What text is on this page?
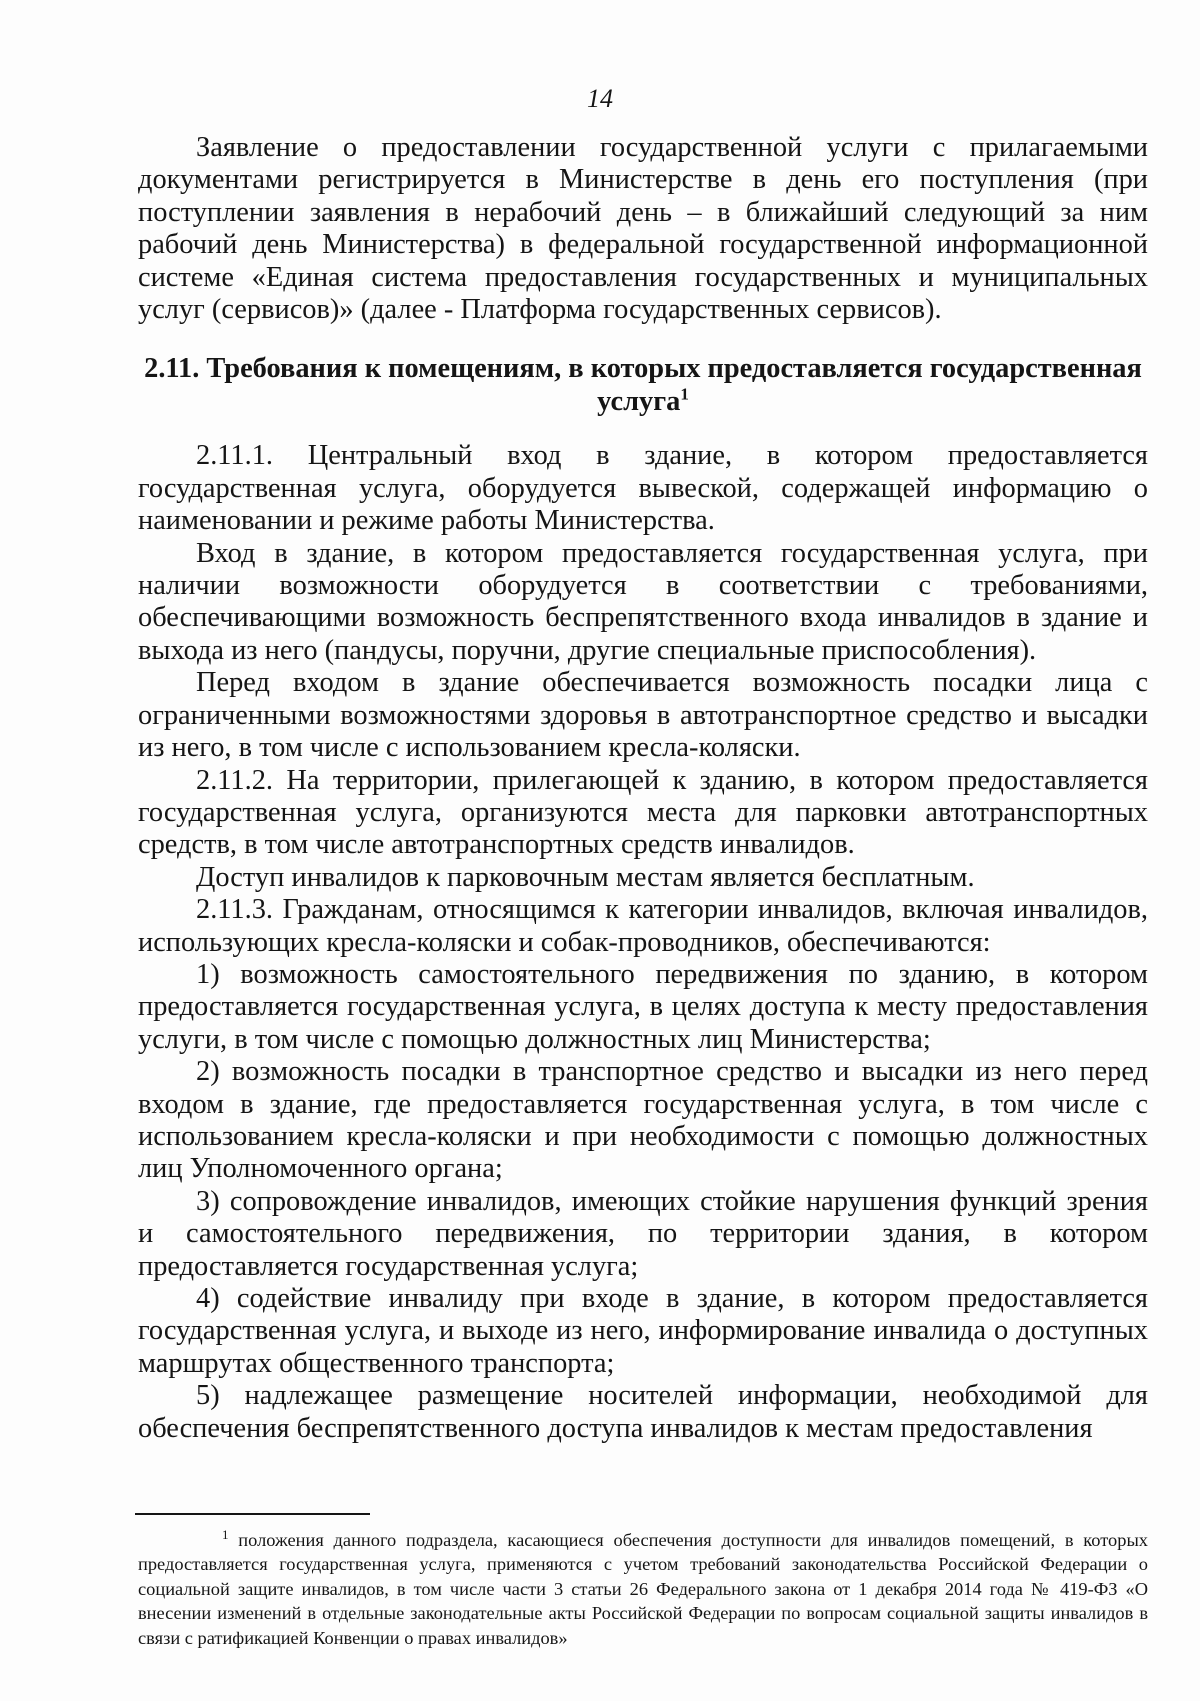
14

Заявление о предоставлении государственной услуги с прилагаемыми документами регистрируется в Министерстве в день его поступления (при поступлении заявления в нерабочий день – в ближайший следующий за ним рабочий день Министерства) в федеральной государственной информационной системе «Единая система предоставления государственных и муниципальных услуг (сервисов)» (далее - Платформа государственных сервисов).

2.11. Требования к помещениям, в которых предоставляется государственная услуга$^1$

2.11.1. Центральный вход в здание, в котором предоставляется государственная услуга, оборудуется вывеской, содержащей информацию о наименовании и режиме работы Министерства.

Вход в здание, в котором предоставляется государственная услуга, при наличии возможности оборудуется в соответствии с требованиями, обеспечивающими возможность беспрепятственного входа инвалидов в здание и выхода из него (пандусы, поручни, другие специальные приспособления).

Перед входом в здание обеспечивается возможность посадки лица с ограниченными возможностями здоровья в автотранспортное средство и высадки из него, в том числе с использованием кресла-коляски.

2.11.2. На территории, прилегающей к зданию, в котором предоставляется государственная услуга, организуются места для парковки автотранспортных средств, в том числе автотранспортных средств инвалидов.

Доступ инвалидов к парковочным местам является бесплатным.

2.11.3. Гражданам, относящимся к категории инвалидов, включая инвалидов, использующих кресла-коляски и собак-проводников, обеспечиваются:

1) возможность самостоятельного передвижения по зданию, в котором предоставляется государственная услуга, в целях доступа к месту предоставления услуги, в том числе с помощью должностных лиц Министерства;

2) возможность посадки в транспортное средство и высадки из него перед входом в здание, где предоставляется государственная услуга, в том числе с использованием кресла-коляски и при необходимости с помощью должностных лиц Уполномоченного органа;

3) сопровождение инвалидов, имеющих стойкие нарушения функций зрения и самостоятельного передвижения, по территории здания, в котором предоставляется государственная услуга;

4) содействие инвалиду при входе в здание, в котором предоставляется государственная услуга, и выходе из него, информирование инвалида о доступных маршрутах общественного транспорта;

5) надлежащее размещение носителей информации, необходимой для обеспечения беспрепятственного доступа инвалидов к местам предоставления

$^1$ положения данного подраздела, касающиеся обеспечения доступности для инвалидов помещений, в которых предоставляется государственная услуга, применяются с учетом требований законодательства Российской Федерации о социальной защите инвалидов, в том числе части 3 статьи 26 Федерального закона от 1 декабря 2014 года № 419-ФЗ «О внесении изменений в отдельные законодательные акты Российской Федерации по вопросам социальной защиты инвалидов в связи с ратификацией Конвенции о правах инвалидов»
